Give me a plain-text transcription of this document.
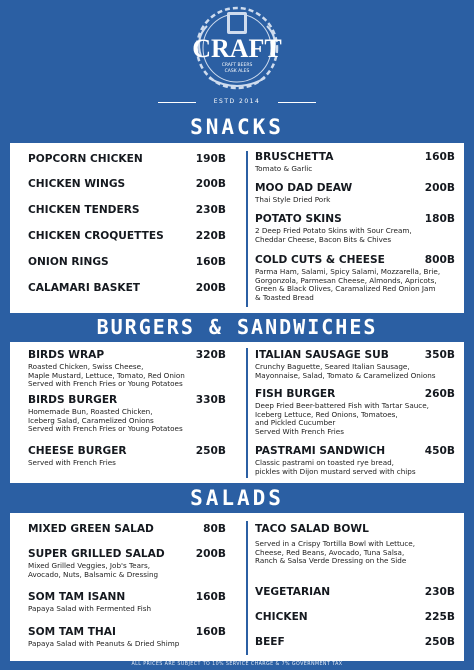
CRAFT
CRAFT BEERS
CASK ALES
ESTD 2014
SNACKS
POPCORN CHICKEN	190B
CHICKEN WINGS	200B
CHICKEN TENDERS	230B
CHICKEN CROQUETTES	220B
ONION RINGS	160B
CALAMARI BASKET	200B
BRUSCHETTA	160B
Tomato & Garlic
MOO DAD DEAW	200B
Thai Style Dried Pork
POTATO SKINS	180B
2 Deep Fried Potato Skins with Sour Cream,
Cheddar Cheese, Bacon Bits & Chives
COLD CUTS & CHEESE	800B
Parma Ham, Salami, Spicy Salami, Mozzarella, Brie,
Gorgonzola, Parmesan Cheese, Almonds, Apricots,
Green & Black Olives, Caramalized Red Onion Jam
& Toasted Bread
BURGERS & SANDWICHES
BIRDS WRAP	320B
Roasted Chicken, Swiss Cheese,
Maple Mustard, Lettuce, Tomato, Red Onion
Served with French Fries or Young Potatoes
BIRDS BURGER	330B
Homemade Bun, Roasted Chicken,
Iceberg Salad, Caramelized Onions
Served with French Fries or Young Potatoes
CHEESE BURGER	250B
Served with French Fries
ITALIAN SAUSAGE SUB	350B
Crunchy Baguette, Seared Italian Sausage,
Mayonnaise, Salad, Tomato & Caramelized Onions
FISH BURGER	260B
Deep Fried Beer-battered Fish with Tartar Sauce,
Iceberg Lettuce, Red Onions, Tomatoes,
and Pickled Cucumber
Served With French Fries
PASTRAMI SANDWICH	450B
Classic pastrami on toasted rye bread,
pickles with Dijon mustard served with chips
SALADS
MIXED GREEN SALAD	80B
SUPER GRILLED SALAD	200B
Mixed Grilled Veggies, Job's Tears,
Avocado, Nuts, Balsamic & Dressing
SOM TAM ISANN	160B
Papaya Salad with Fermented Fish
SOM TAM THAI	160B
Papaya Salad with Peanuts & Dried Shimp
TACO SALAD BOWL
Served in a Crispy Tortilla Bowl with Lettuce,
Cheese, Red Beans, Avocado, Tuna Salsa,
Ranch & Salsa Verde Dressing on the Side
VEGETARIAN	230B
CHICKEN	225B
BEEF	250B
ALL PRICES ARE SUBJECT TO 10% SERVICE CHARGE & 7% GOVERNMENT TAX
